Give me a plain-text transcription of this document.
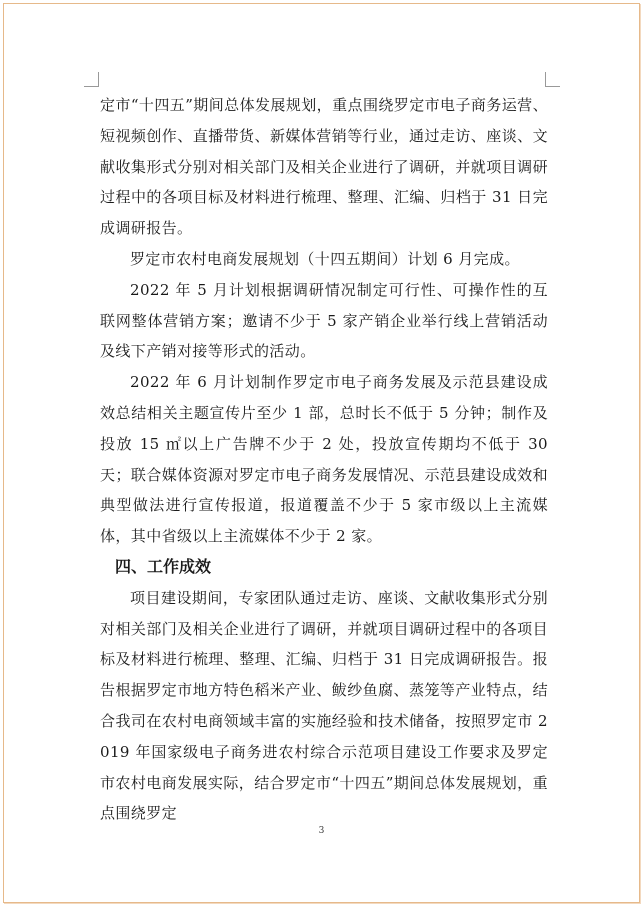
定市“十四五”期间总体发展规划，重点围绕罗定市电子商务运营、短视频创作、直播带货、新媒体营销等行业，通过走访、座谈、文献收集形式分别对相关部门及相关企业进行了调研，并就项目调研过程中的各项目标及材料进行梳理、整理、汇编、归档于 31 日完成调研报告。

罗定市农村电商发展规划（十四五期间）计划 6 月完成。

2022 年 5 月计划根据调研情况制定可行性、可操作性的互联网整体营销方案；邀请不少于 5 家产销企业举行线上营销活动及线下产销对接等形式的活动。

2022 年 6 月计划制作罗定市电子商务发展及示范县建设成效总结相关主题宣传片至少 1 部，总时长不低于 5 分钟；制作及投放 15 ㎡以上广告牌不少于 2 处，投放宣传期均不低于 30 天；联合媒体资源对罗定市电子商务发展情况、示范县建设成效和典型做法进行宣传报道，报道覆盖不少于 5 家市级以上主流媒体，其中省级以上主流媒体不少于 2 家。

四、工作成效

项目建设期间，专家团队通过走访、座谈、文献收集形式分别对相关部门及相关企业进行了调研，并就项目调研过程中的各项目标及材料进行梳理、整理、汇编、归档于 31 日完成调研报告。报告根据罗定市地方特色稻米产业、鲅纱鱼腐、蒸笼等产业特点，结合我司在农村电商领域丰富的实施经验和技术储备，按照罗定市 2019 年国家级电子商务进农村综合示范项目建设工作要求及罗定市农村电商发展实际，结合罗定市“十四五”期间总体发展规划，重点围绕罗定

3
